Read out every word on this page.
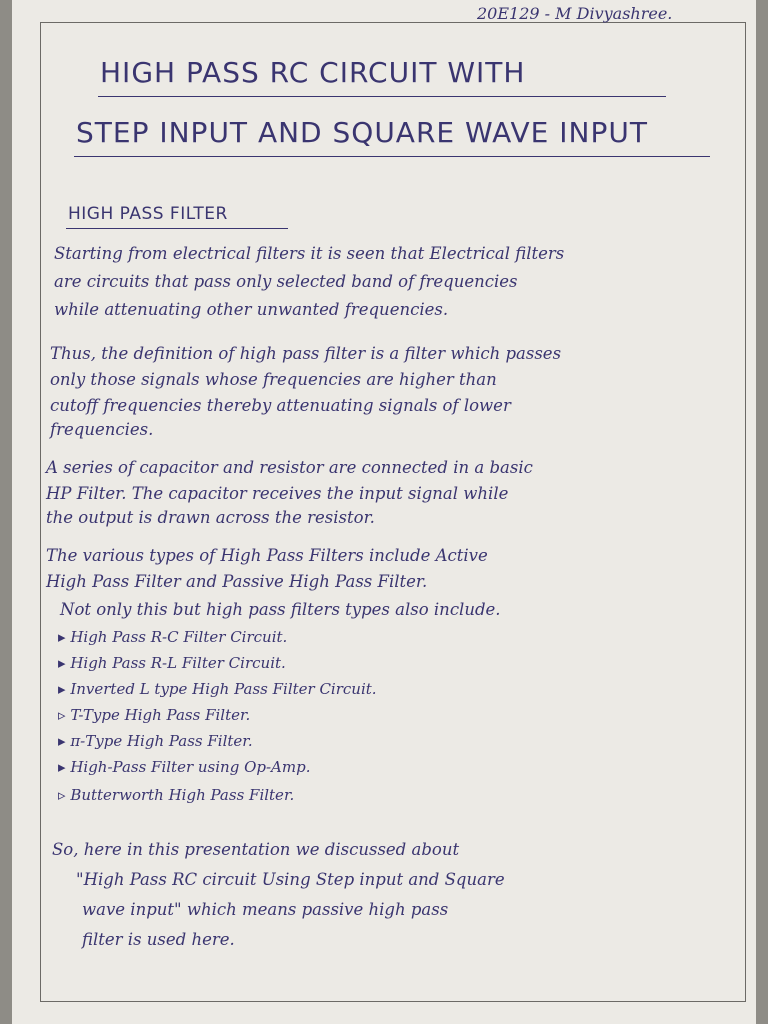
20E129 - M Divyashree.
HIGH PASS RC CIRCUIT WITH
STEP INPUT AND SQUARE WAVE INPUT
HIGH PASS FILTER
Starting from electrical filters it is seen that Electrical filters
are circuits that pass only selected band of frequencies
while attenuating other unwanted frequencies.
Thus, the definition of high pass filter is a filter which passes
only those signals whose frequencies are higher than
cutoff frequencies thereby attenuating signals of lower
frequencies.
A series of capacitor and resistor are connected in a basic
HP Filter. The capacitor receives the input signal while
the output is drawn across the resistor.
The various types of High Pass Filters include Active
High Pass Filter and Passive High Pass Filter.
Not only this but high pass filters types also include.
▸ High Pass R-C Filter Circuit.
▸ High Pass R-L Filter Circuit.
▸ Inverted L type High Pass Filter Circuit.
▹ T-Type High Pass Filter.
▸ π-Type High Pass Filter.
▸ High-Pass Filter using Op-Amp.
▹ Butterworth High Pass Filter.
So, here in this presentation we discussed about
"High Pass RC circuit Using Step input and Square
wave input" which means passive high pass
filter is used here.
